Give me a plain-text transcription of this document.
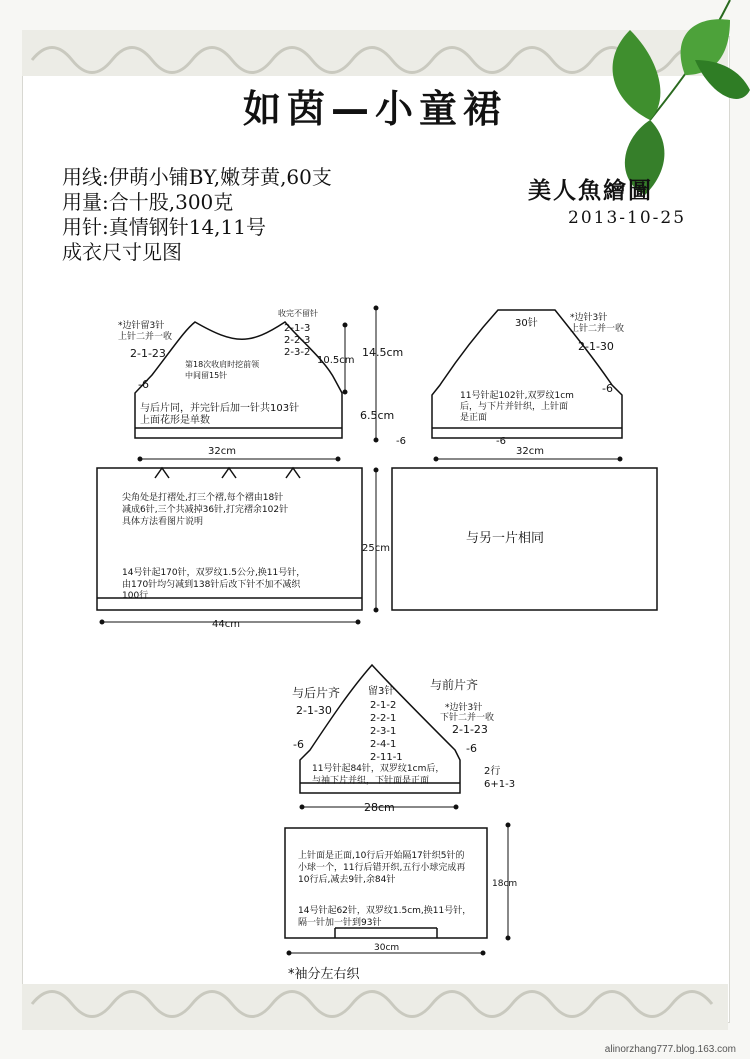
如茵—小童裙
用线:伊萌小铺BY,嫩芽黄,60支
用量:合十股,300克
用针:真情钢针14,11号
成衣尺寸见图
美人魚繪圖
2013-10-25
*边针留3针
上针二并一收
2-1-23
-6
收完不留针
2-1-3
2-2-3
2-3-2
第18次收肩时挖前领
中间留15针
与后片同，并完针后加一针共103针
上面花形是单数
10.5cm
14.5cm
6.5cm
32cm
-6
30针	*边针3针
上针二并一收
2-1-30
-6
11号针起102针,双罗纹1cm
后，与下片并针织，上针面
是正面
-6
32cm
尖角处是打褶处,打三个褶,每个褶由18针
减成6针,三个共减掉36针,打完褶余102针
具体方法看图片说明
14号针起170针，双罗纹1.5公分,换11号针，
由170针均匀减到138针后改下针不加不减织
100行
25cm
44cm
与另一片相同
与后片齐
与前片齐
2-1-30
-6
留3针
2-1-2
2-2-1
2-3-1
2-4-1
2-11-1
*边针3针
下针二并一收
2-1-23
-6
11号针起84针，双罗纹1cm后，
与袖下片并织，下针面是正面
2行
6+1-3
28cm
上针面是正面,10行后开始隔17针织5针的
小球一个，11行后错开织,五行小球完成再
10行后,减去9针,余84针
14号针起62针，双罗纹1.5cm,换11号针，
隔一针加一针到93针
18cm
30cm
*袖分左右织
alinorzhang777.blog.163.com
